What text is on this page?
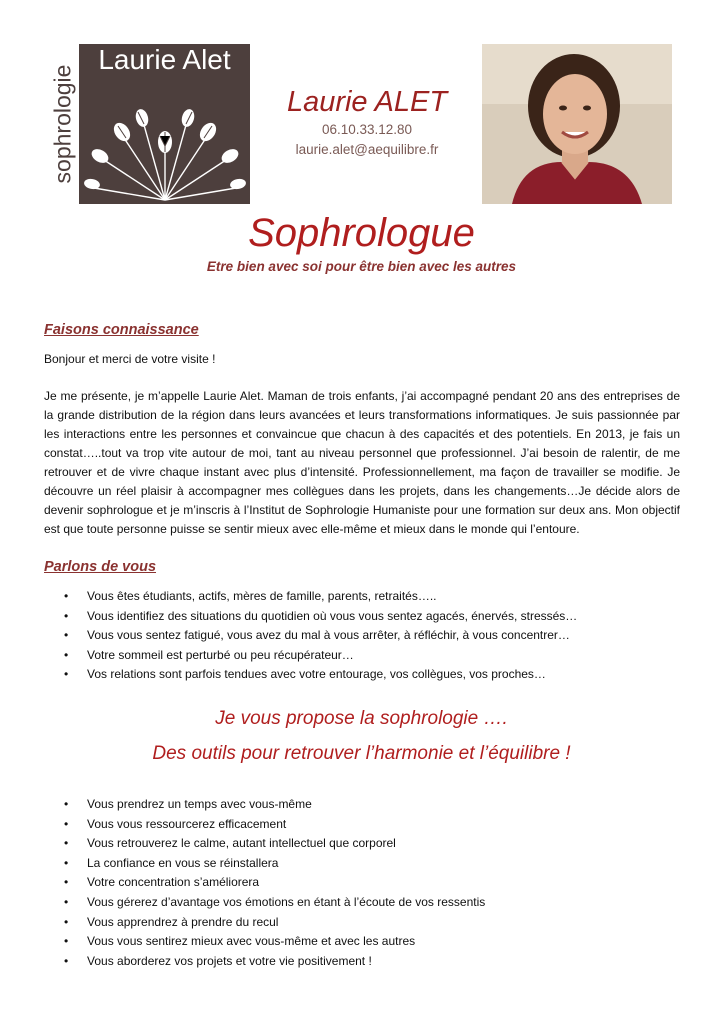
sophrologie
Laurie Alet
Laurie ALET
06.10.33.12.80
laurie.alet@aequilibre.fr
Sophrologue
Etre bien avec soi pour être bien avec les autres
Faisons connaissance
Bonjour et merci de votre visite !
Je me présente, je m’appelle Laurie Alet. Maman de trois enfants, j’ai accompagné pendant 20 ans des entreprises de la grande distribution de la région dans leurs avancées et leurs transformations informatiques. Je suis passionnée par les interactions entre les personnes et convaincue que chacun à des capacités et des potentiels. En 2013, je fais un constat…..tout va trop vite autour de moi, tant au niveau personnel que professionnel. J’ai besoin de ralentir, de me retrouver et de vivre chaque instant avec plus d’intensité. Professionnellement, ma façon de travailler se modifie. Je découvre un réel plaisir à accompagner mes collègues dans les projets, dans les changements…Je décide alors de devenir sophrologue et je m’inscris à l’Institut de Sophrologie Humaniste pour une formation sur deux ans. Mon objectif est que toute personne puisse se sentir mieux avec elle-même et mieux dans le monde qui l’entoure.
Parlons de vous
• Vous êtes étudiants, actifs, mères de famille, parents, retraités…..
• Vous identifiez des situations du quotidien où vous vous sentez agacés, énervés, stressés…
• Vous vous sentez fatigué, vous avez du mal à vous arrêter, à réfléchir, à vous concentrer…
• Votre sommeil est perturbé ou peu récupérateur…
• Vos relations sont parfois tendues avec votre entourage, vos collègues, vos proches…
Je vous propose la sophrologie ….
Des outils pour retrouver l’harmonie et l’équilibre !
• Vous prendrez un temps avec vous-même
• Vous vous ressourcerez efficacement
• Vous retrouverez le calme, autant intellectuel que corporel
• La confiance en vous se réinstallera
• Votre concentration s’améliorera
• Vous gérerez d’avantage vos émotions en étant à l’écoute de vos ressentis
• Vous apprendrez à prendre du recul
• Vous vous sentirez mieux avec vous-même et avec les autres
• Vous aborderez vos projets et votre vie positivement !
